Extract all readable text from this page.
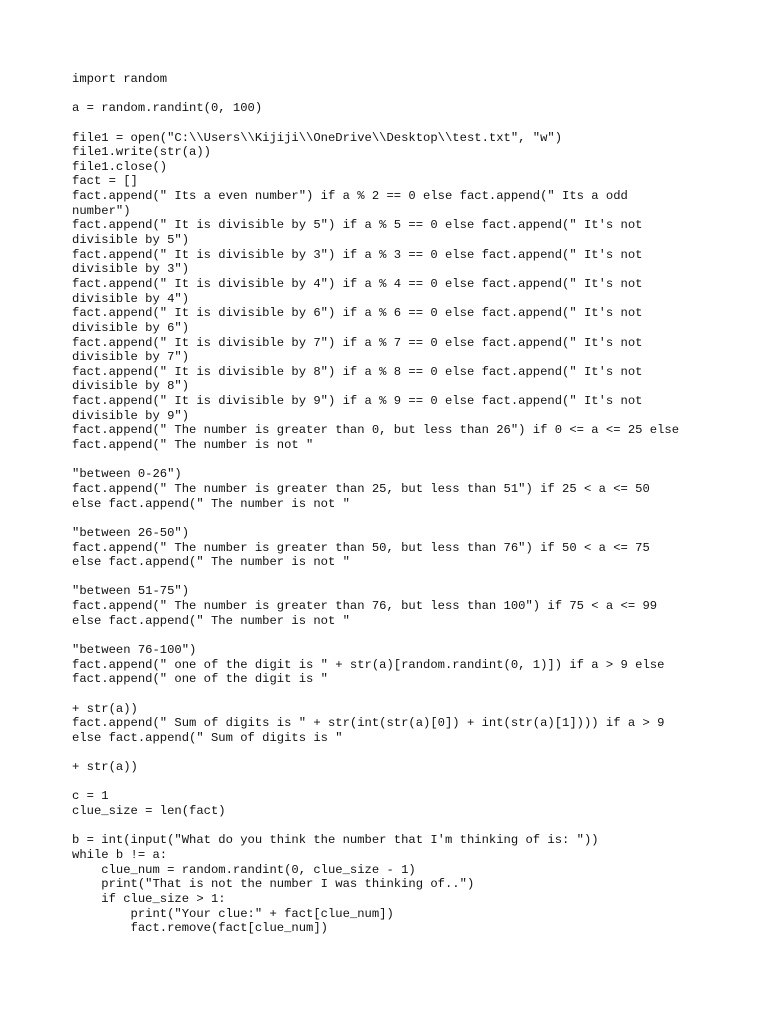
import random
a = random.randint(0, 100)
file1 = open("C:\\Users\\Kijiji\\OneDrive\\Desktop\\test.txt", "w")
file1.write(str(a))
file1.close()
fact = []
fact.append(" Its a even number") if a % 2 == 0 else fact.append(" Its a odd
number")
fact.append(" It is divisible by 5") if a % 5 == 0 else fact.append(" It's not
divisible by 5")
fact.append(" It is divisible by 3") if a % 3 == 0 else fact.append(" It's not
divisible by 3")
fact.append(" It is divisible by 4") if a % 4 == 0 else fact.append(" It's not
divisible by 4")
fact.append(" It is divisible by 6") if a % 6 == 0 else fact.append(" It's not
divisible by 6")
fact.append(" It is divisible by 7") if a % 7 == 0 else fact.append(" It's not
divisible by 7")
fact.append(" It is divisible by 8") if a % 8 == 0 else fact.append(" It's not
divisible by 8")
fact.append(" It is divisible by 9") if a % 9 == 0 else fact.append(" It's not
divisible by 9")
fact.append(" The number is greater than 0, but less than 26") if 0 <= a <= 25 else
fact.append(" The number is not "
"between 0-26")
fact.append(" The number is greater than 25, but less than 51") if 25 < a <= 50
else fact.append(" The number is not "
"between 26-50")
fact.append(" The number is greater than 50, but less than 76") if 50 < a <= 75
else fact.append(" The number is not "
"between 51-75")
fact.append(" The number is greater than 76, but less than 100") if 75 < a <= 99
else fact.append(" The number is not "
"between 76-100")
fact.append(" one of the digit is " + str(a)[random.randint(0, 1)]) if a > 9 else
fact.append(" one of the digit is "
+ str(a))
fact.append(" Sum of digits is " + str(int(str(a)[0]) + int(str(a)[1]))) if a > 9
else fact.append(" Sum of digits is "
+ str(a))
c = 1
clue_size = len(fact)
b = int(input("What do you think the number that I'm thinking of is: "))
while b != a:
clue_num = random.randint(0, clue_size - 1)
print("That is not the number I was thinking of..")
if clue_size > 1:
print("Your clue:" + fact[clue_num])
fact.remove(fact[clue_num])
